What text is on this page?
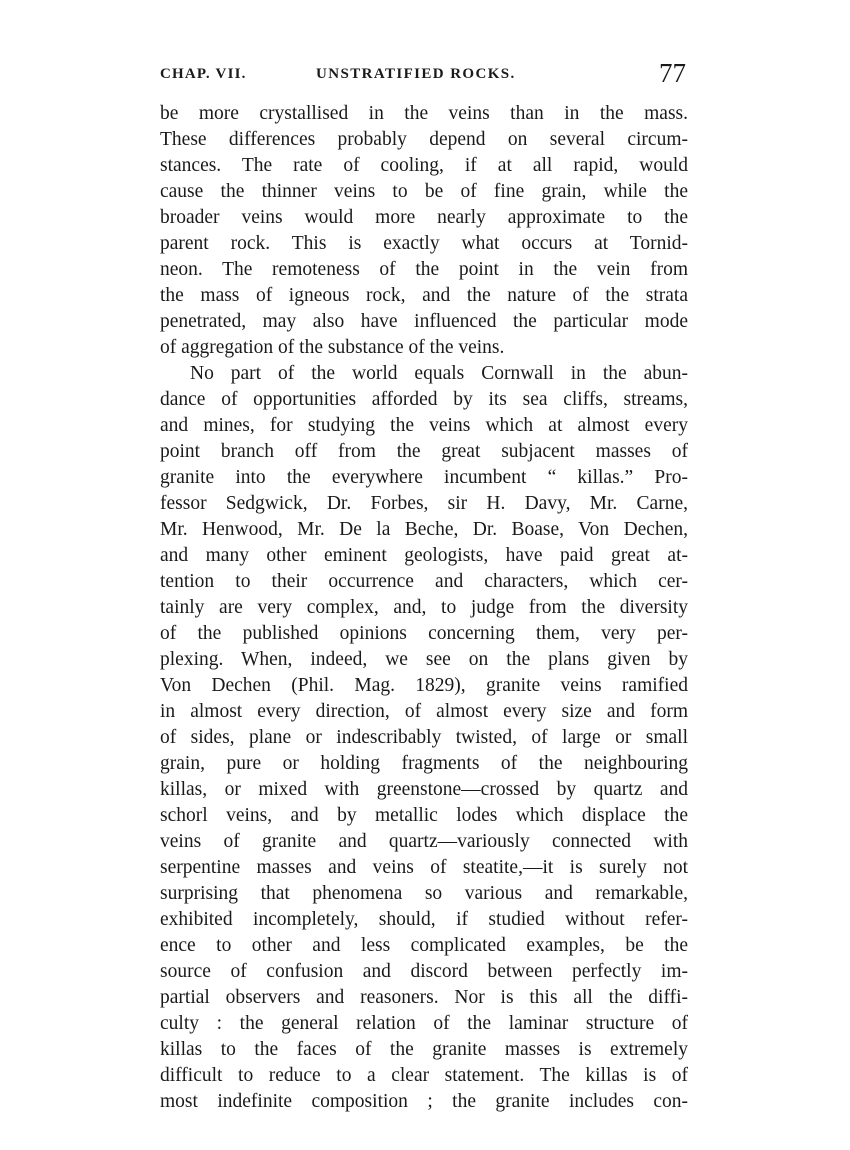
CHAP. VII.	UNSTRATIFIED ROCKS.	77
be more crystallised in the veins than in the mass.
These differences probably depend on several circum-
stances. The rate of cooling, if at all rapid, would
cause the thinner veins to be of fine grain, while the
broader veins would more nearly approximate to the
parent rock. This is exactly what occurs at Tornid-
neon. The remoteness of the point in the vein from
the mass of igneous rock, and the nature of the strata
penetrated, may also have influenced the particular mode
of aggregation of the substance of the veins.
No part of the world equals Cornwall in the abun-
dance of opportunities afforded by its sea cliffs, streams,
and mines, for studying the veins which at almost every
point branch off from the great subjacent masses of
granite into the everywhere incumbent “ killas.” Pro-
fessor Sedgwick, Dr. Forbes, sir H. Davy, Mr. Carne,
Mr. Henwood, Mr. De la Beche, Dr. Boase, Von Dechen,
and many other eminent geologists, have paid great at-
tention to their occurrence and characters, which cer-
tainly are very complex, and, to judge from the diversity
of the published opinions concerning them, very per-
plexing. When, indeed, we see on the plans given by
Von Dechen (Phil. Mag. 1829), granite veins ramified
in almost every direction, of almost every size and form
of sides, plane or indescribably twisted, of large or small
grain, pure or holding fragments of the neighbouring
killas, or mixed with greenstone—crossed by quartz and
schorl veins, and by metallic lodes which displace the
veins of granite and quartz—variously connected with
serpentine masses and veins of steatite,—it is surely not
surprising that phenomena so various and remarkable,
exhibited incompletely, should, if studied without refer-
ence to other and less complicated examples, be the
source of confusion and discord between perfectly im-
partial observers and reasoners. Nor is this all the diffi-
culty : the general relation of the laminar structure of
killas to the faces of the granite masses is extremely
difficult to reduce to a clear statement. The killas is of
most indefinite composition ; the granite includes con-
